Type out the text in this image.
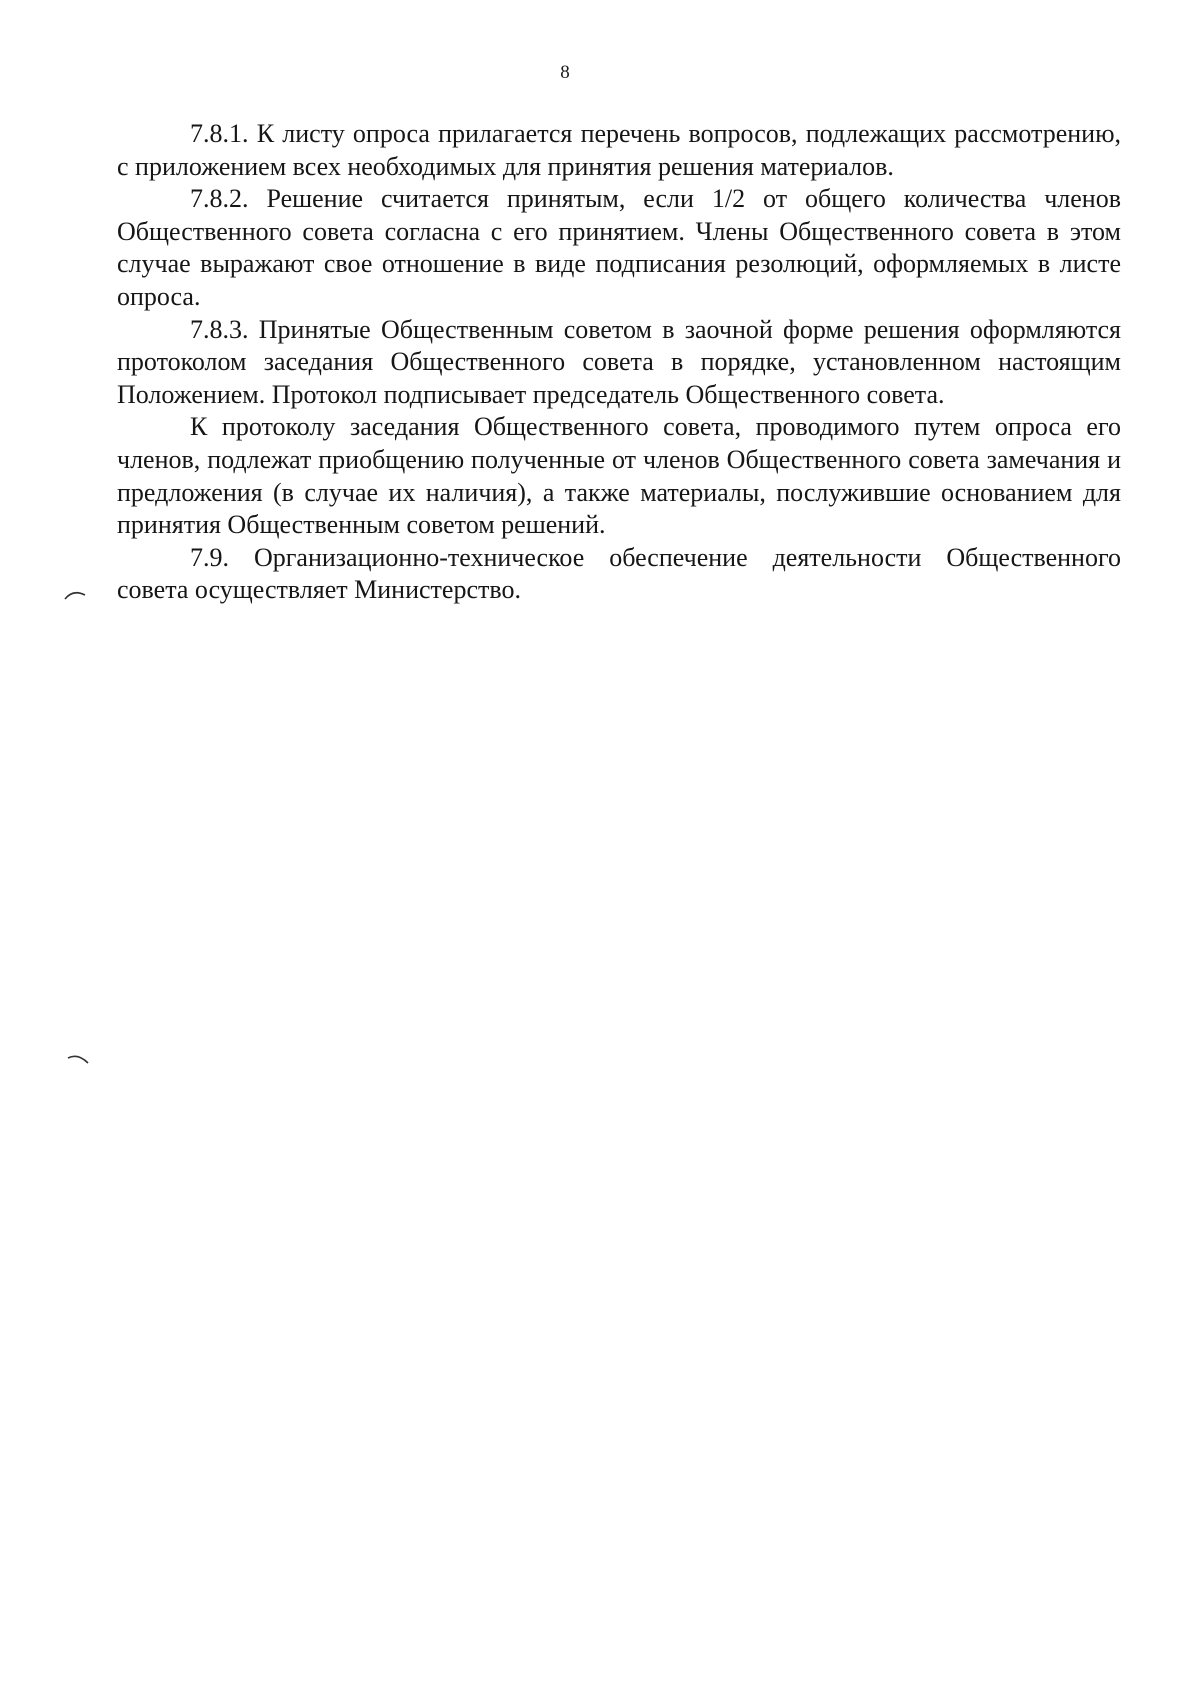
8

7.8.1. К листу опроса прилагается перечень вопросов, подлежащих рассмотрению, с приложением всех необходимых для принятия решения материалов.

7.8.2. Решение считается принятым, если 1/2 от общего количества членов Общественного совета согласна с его принятием. Члены Общественного совета в этом случае выражают свое отношение в виде подписания резолюций, оформляемых в листе опроса.

7.8.3. Принятые Общественным советом в заочной форме решения оформляются протоколом заседания Общественного совета в порядке, установленном настоящим Положением. Протокол подписывает председатель Общественного совета.

К протоколу заседания Общественного совета, проводимого путем опроса его членов, подлежат приобщению полученные от членов Общественного совета замечания и предложения (в случае их наличия), а также материалы, послужившие основанием для принятия Общественным советом решений.

7.9. Организационно-техническое обеспечение деятельности Общественного совета осуществляет Министерство.
